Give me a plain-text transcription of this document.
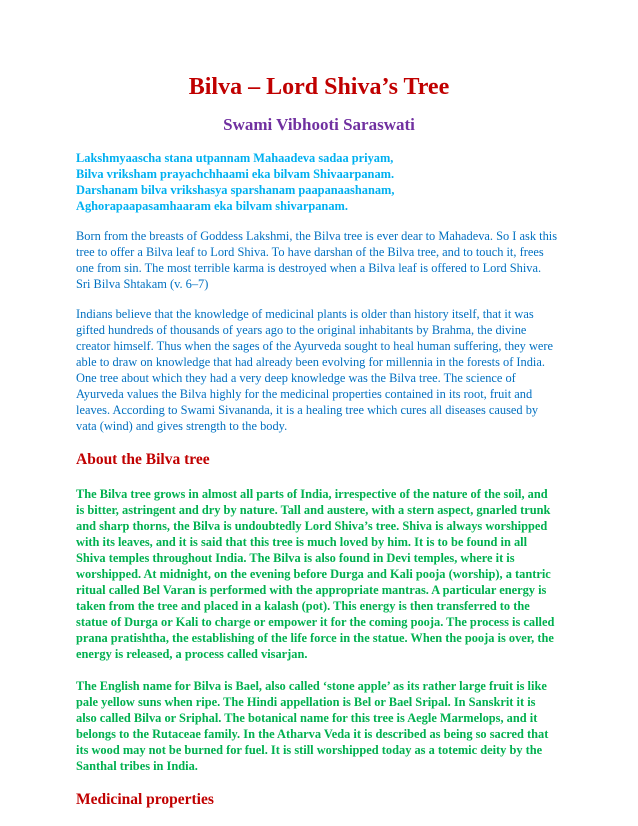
Bilva – Lord Shiva’s Tree
Swami Vibhooti Saraswati
Lakshmyaascha stana utpannam Mahaadeva sadaa priyam,
Bilva vriksham prayachchhaami eka bilvam Shivaarpanam.
Darshanam bilva vrikshasya sparshanam paapanaashanam,
Aghorapaapasamhaaram eka bilvam shivarpanam.
Born from the breasts of Goddess Lakshmi, the Bilva tree is ever dear to Mahadeva. So I ask this
tree to offer a Bilva leaf to Lord Shiva. To have darshan of the Bilva tree, and to touch it, frees
one from sin. The most terrible karma is destroyed when a Bilva leaf is offered to Lord Shiva.
Sri Bilva Shtakam (v. 6–7)
Indians believe that the knowledge of medicinal plants is older than history itself, that it was
gifted hundreds of thousands of years ago to the original inhabitants by Brahma, the divine
creator himself. Thus when the sages of the Ayurveda sought to heal human suffering, they were
able to draw on knowledge that had already been evolving for millennia in the forests of India.
One tree about which they had a very deep knowledge was the Bilva tree. The science of
Ayurveda values the Bilva highly for the medicinal properties contained in its root, fruit and
leaves. According to Swami Sivananda, it is a healing tree which cures all diseases caused by
vata (wind) and gives strength to the body.
About the Bilva tree
The Bilva tree grows in almost all parts of India, irrespective of the nature of the soil, and
is bitter, astringent and dry by nature. Tall and austere, with a stern aspect, gnarled trunk
and sharp thorns, the Bilva is undoubtedly Lord Shiva’s tree. Shiva is always worshipped
with its leaves, and it is said that this tree is much loved by him. It is to be found in all
Shiva temples throughout India. The Bilva is also found in Devi temples, where it is
worshipped. At midnight, on the evening before Durga and Kali pooja (worship), a tantric
ritual called Bel Varan is performed with the appropriate mantras. A particular energy is
taken from the tree and placed in a kalash (pot). This energy is then transferred to the
statue of Durga or Kali to charge or empower it for the coming pooja. The process is called
prana pratishtha, the establishing of the life force in the statue. When the pooja is over, the
energy is released, a process called visarjan.
The English name for Bilva is Bael, also called ‘stone apple’ as its rather large fruit is like
pale yellow suns when ripe. The Hindi appellation is Bel or Bael Sripal. In Sanskrit it is
also called Bilva or Sriphal. The botanical name for this tree is Aegle Marmelops, and it
belongs to the Rutaceae family. In the Atharva Veda it is described as being so sacred that
its wood may not be burned for fuel. It is still worshipped today as a totemic deity by the
Santhal tribes in India.
Medicinal properties
